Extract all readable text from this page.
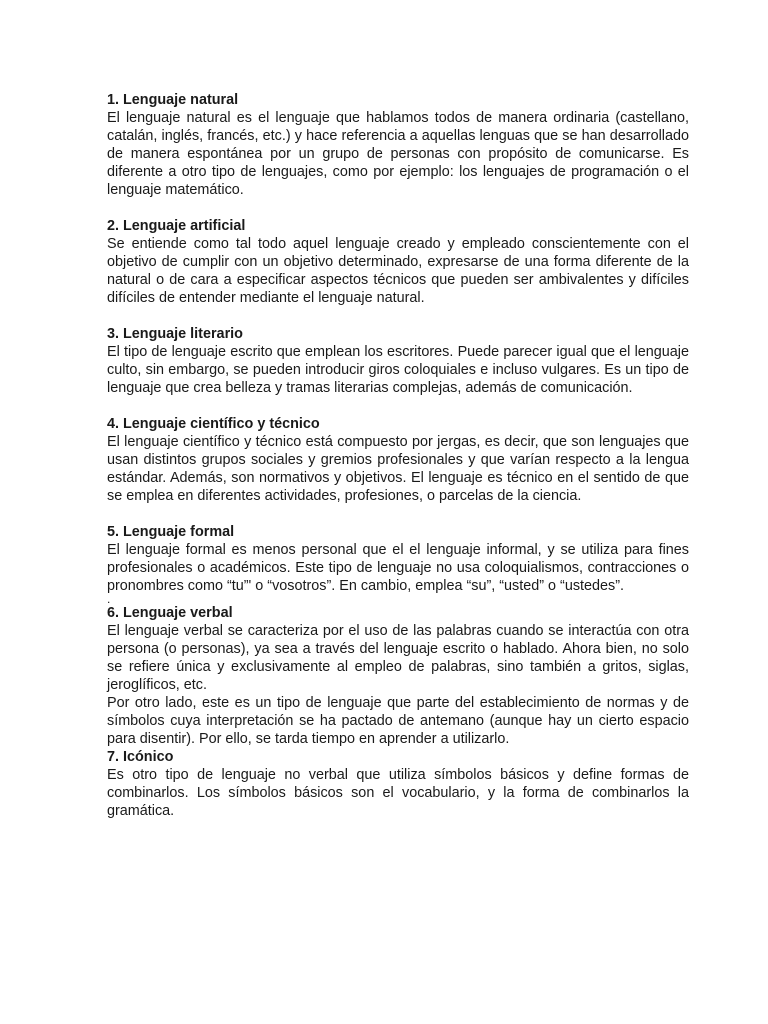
1. Lenguaje natural

El lenguaje natural es el lenguaje que hablamos todos de manera ordinaria (castellano, catalán, inglés, francés, etc.) y hace referencia a aquellas lenguas que se han desarrollado de manera espontánea por un grupo de personas con propósito de comunicarse. Es diferente a otro tipo de lenguajes, como por ejemplo: los lenguajes de programación o el lenguaje matemático.

2. Lenguaje artificial

Se entiende como tal todo aquel lenguaje creado y empleado conscientemente con el objetivo de cumplir con un objetivo determinado, expresarse de una forma diferente de la natural o de cara a especificar aspectos técnicos que pueden ser ambivalentes y difíciles difíciles de entender mediante el lenguaje natural.

3. Lenguaje literario

El tipo de lenguaje escrito que emplean los escritores. Puede parecer igual que el lenguaje culto, sin embargo, se pueden introducir giros coloquiales e incluso vulgares. Es un tipo de lenguaje que crea belleza y tramas literarias complejas, además de comunicación.

4. Lenguaje científico y técnico

El lenguaje científico y técnico está compuesto por jergas, es decir, que son lenguajes que usan distintos grupos sociales y gremios profesionales y que varían respecto a la lengua estándar. Además, son normativos y objetivos. El lenguaje es técnico en el sentido de que se emplea en diferentes actividades, profesiones, o parcelas de la ciencia.

5. Lenguaje formal

El lenguaje formal es menos personal que el el lenguaje informal, y se utiliza para fines profesionales o académicos. Este tipo de lenguaje no usa coloquialismos, contracciones o pronombres como “tu”' o “vosotros”. En cambio, emplea “su”, “usted” o “ustedes”.

.
6. Lenguaje verbal

El lenguaje verbal se caracteriza por el uso de las palabras cuando se interactúa con otra persona (o personas), ya sea a través del lenguaje escrito o hablado. Ahora bien, no solo se refiere única y exclusivamente al empleo de palabras, sino también a gritos, siglas, jeroglíficos, etc.

Por otro lado, este es un tipo de lenguaje que parte del establecimiento de normas y de símbolos cuya interpretación se ha pactado de antemano (aunque hay un cierto espacio para disentir). Por ello, se tarda tiempo en aprender a utilizarlo.

7. Icónico

Es otro tipo de lenguaje no verbal que utiliza símbolos básicos y define formas de combinarlos. Los símbolos básicos son el vocabulario, y la forma de combinarlos la gramática.
